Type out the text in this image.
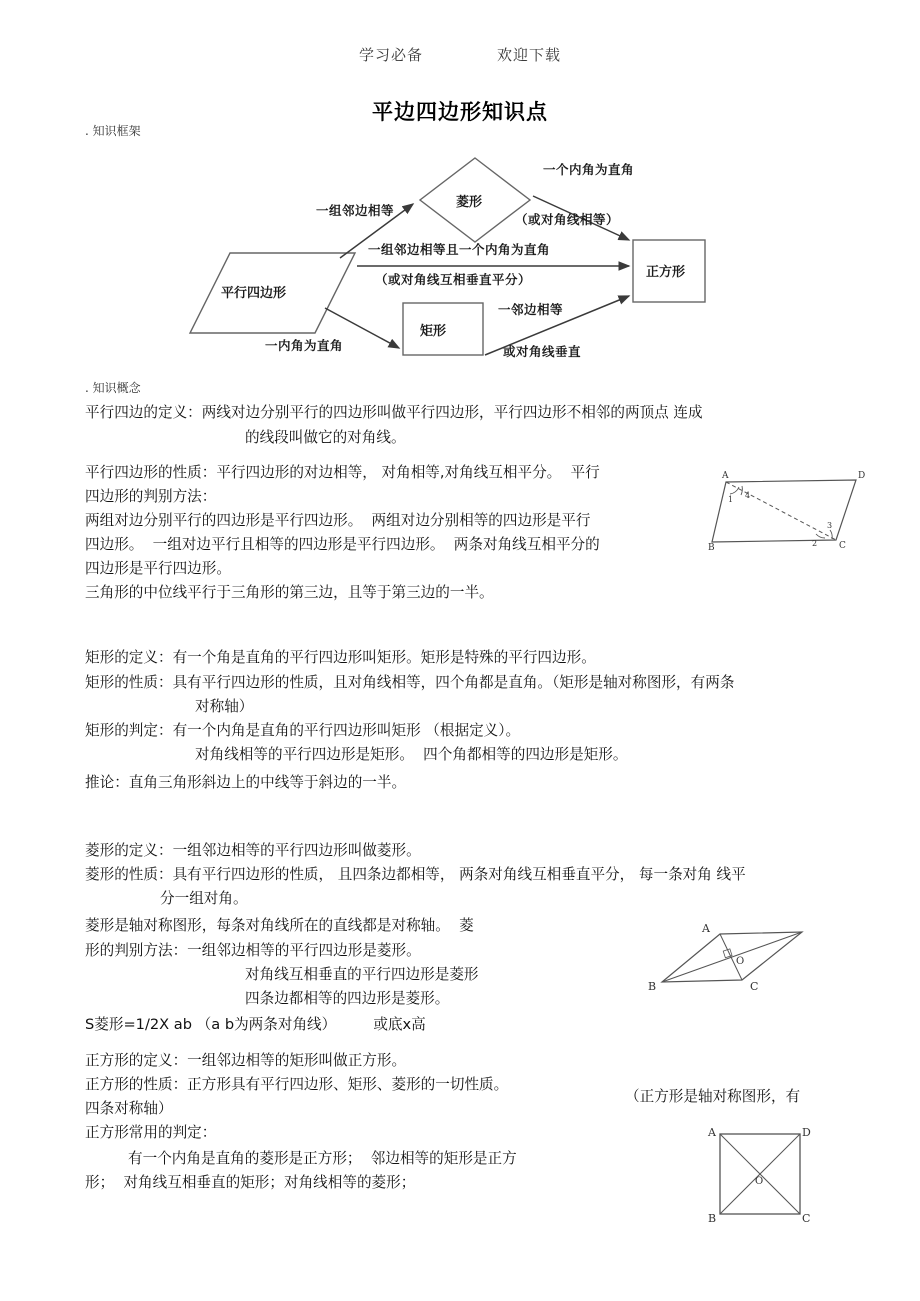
学习必备	欢迎下载
平边四边形知识点
. 知识框架
平行四边形
菱形
矩形
正方形
一组邻边相等
一个内角为直角
（或对角线相等）
一组邻边相等且一个内角为直角
（或对角线互相垂直平分）
一内角为直角
一邻边相等
或对角线垂直
. 知识概念
平行四边的定义：两线对边分别平行的四边形叫做平行四边形，平行四边形不相邻的两顶点 连成
的线段叫做它的对角线。
平行四边形的性质：平行四边形的对边相等， 对角相等,对角线互相平分。  平行
四边形的判别方法：
两组对边分别平行的四边形是平行四边形。  两组对边分别相等的四边形是平行
四边形。  一组对边平行且相等的四边形是平行四边形。  两条对角线互相平分的
四边形是平行四边形。
三角形的中位线平行于三角形的第三边，且等于第三边的一半。
矩形的定义：有一个角是直角的平行四边形叫矩形。矩形是特殊的平行四边形。
矩形的性质：具有平行四边形的性质，且对角线相等，四个角都是直角。（矩形是轴对称图形，有两条
对称轴）
矩形的判定：有一个内角是直角的平行四边形叫矩形 （根据定义）。
对角线相等的平行四边形是矩形。  四个角都相等的四边形是矩形。
推论：直角三角形斜边上的中线等于斜边的一半。
菱形的定义：一组邻边相等的平行四边形叫做菱形。
菱形的性质：具有平行四边形的性质， 且四条边都相等， 两条对角线互相垂直平分， 每一条对角 线平
分一组对角。
菱形是轴对称图形，每条对角线所在的直线都是对称轴。  菱
形的判别方法：一组邻边相等的平行四边形是菱形。
对角线互相垂直的平行四边形是菱形
四条边都相等的四边形是菱形。
S菱形=1/2X ab （a b为两条对角线）        或底x高
正方形的定义：一组邻边相等的矩形叫做正方形。
正方形的性质：正方形具有平行四边形、矩形、菱形的一切性质。
四条对称轴）
正方形常用的判定：
有一个内角是直角的菱形是正方形；  邻边相等的矩形是正方
形；  对角线互相垂直的矩形；对角线相等的菱形；
（正方形是轴对称图形，有
A	D
B	C
1 4
2
3
A
B	C
O
A	D
B	C
O
